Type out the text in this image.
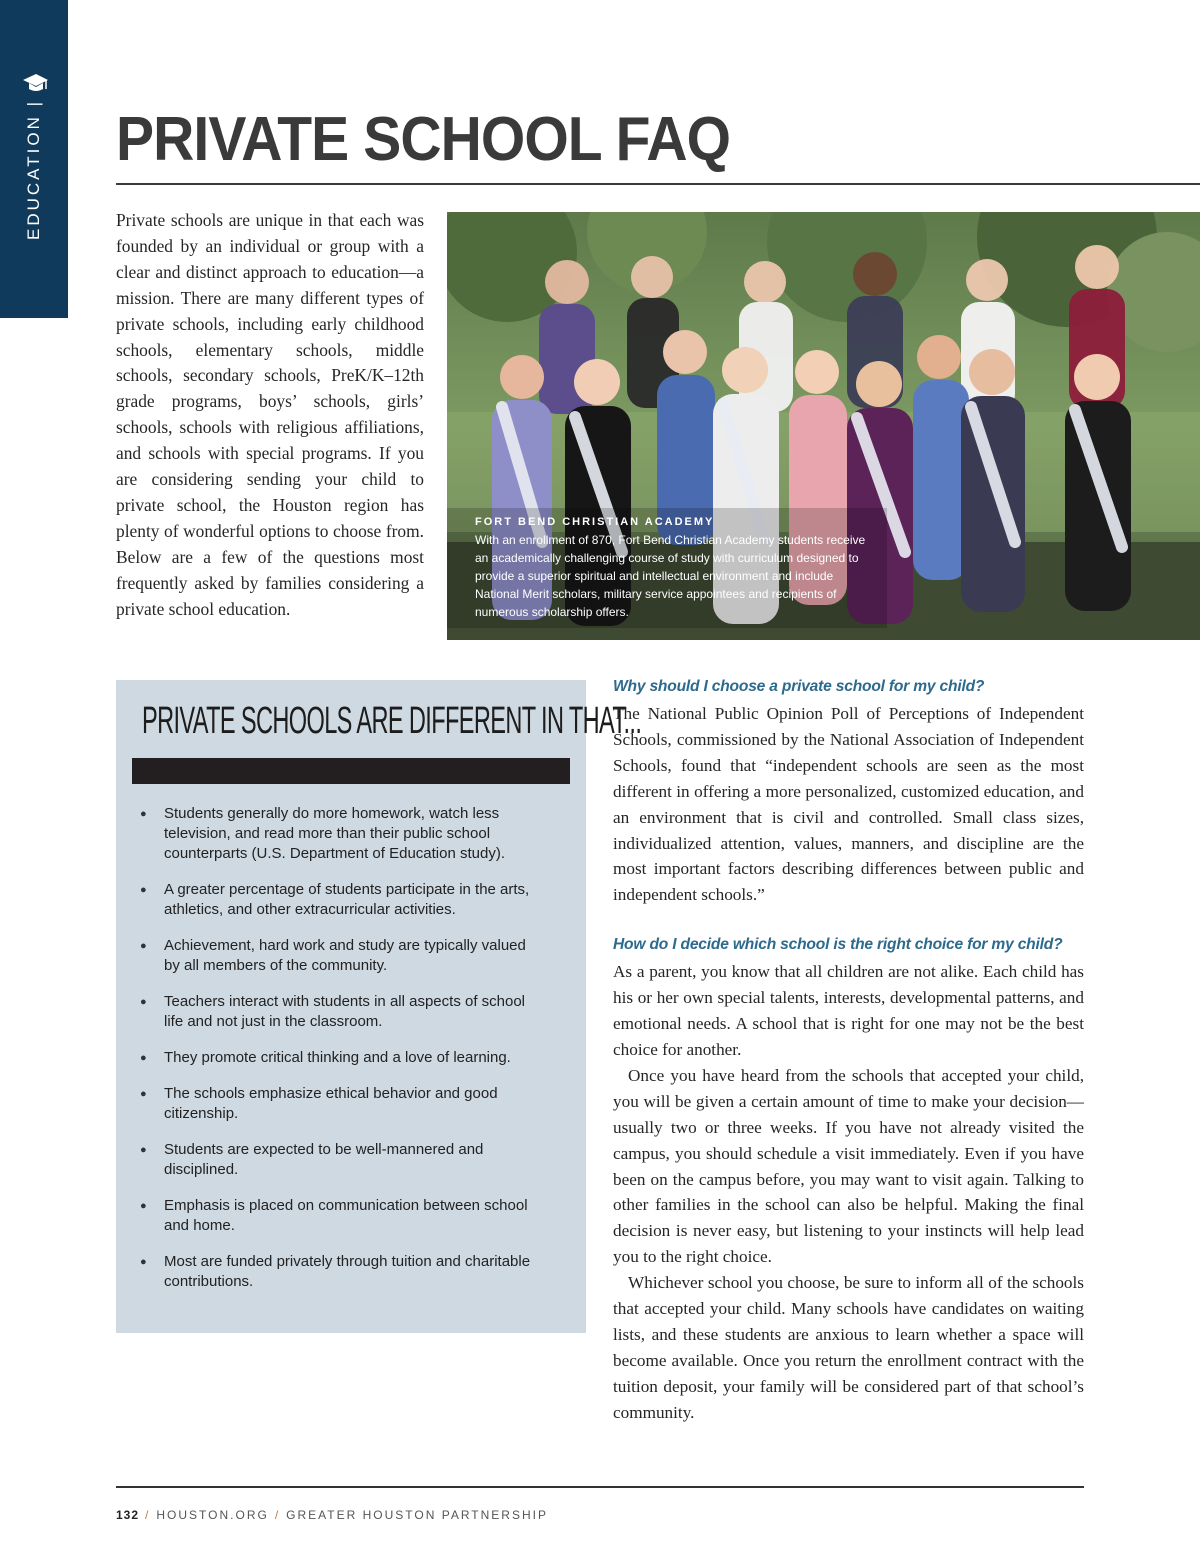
EDUCATION | PRIVATE SCHOOL FAQ

Private schools are unique in that each was founded by an individual or group with a clear and distinct approach to education—a mission. There are many different types of private schools, including early childhood schools, elementary schools, middle schools, secondary schools, PreK/K–12th grade programs, boys’ schools, girls’ schools, schools with religious affiliations, and schools with special programs. If you are considering sending your child to private school, the Houston region has plenty of wonderful options to choose from. Below are a few of the questions most frequently asked by families considering a private school education.

FORT BEND CHRISTIAN ACADEMY
With an enrollment of 870, Fort Bend Christian Academy students receive an academically challenging course of study with curriculum designed to provide a superior spiritual and intellectual environment and include National Merit scholars, military service appointees and recipients of numerous scholarship offers.
PRIVATE SCHOOLS ARE DIFFERENT IN THAT...
● Students generally do more homework, watch less television, and read more than their public school counterparts (U.S. Department of Education study).
● A greater percentage of students participate in the arts, athletics, and other extracurricular activities.
● Achievement, hard work and study are typically valued by all members of the community.
● Teachers interact with students in all aspects of school life and not just in the classroom.
● They promote critical thinking and a love of learning.
● The schools emphasize ethical behavior and good citizenship.
● Students are expected to be well-mannered and disciplined.
● Emphasis is placed on communication between school and home.
● Most are funded privately through tuition and charitable contributions.
Why should I choose a private school for my child?

The National Public Opinion Poll of Perceptions of Independent Schools, commissioned by the National Association of Independent Schools, found that “independent schools are seen as the most different in offering a more personalized, customized education, and an environment that is civil and controlled. Small class sizes, individualized attention, values, manners, and discipline are the most important factors describing differences between public and independent schools.”

How do I decide which school is the right choice for my child?

As a parent, you know that all children are not alike. Each child has his or her own special talents, interests, developmental patterns, and emotional needs. A school that is right for one may not be the best choice for another.

Once you have heard from the schools that accepted your child, you will be given a certain amount of time to make your decision—usually two or three weeks. If you have not already visited the campus, you should schedule a visit immediately. Even if you have been on the campus before, you may want to visit again. Talking to other families in the school can also be helpful. Making the final decision is never easy, but listening to your instincts will help lead you to the right choice.

Whichever school you choose, be sure to inform all of the schools that accepted your child. Many schools have candidates on waiting lists, and these students are anxious to learn whether a space will become available. Once you return the enrollment contract with the tuition deposit, your family will be considered part of that school’s community.

132 / HOUSTON.ORG / GREATER HOUSTON PARTNERSHIP
